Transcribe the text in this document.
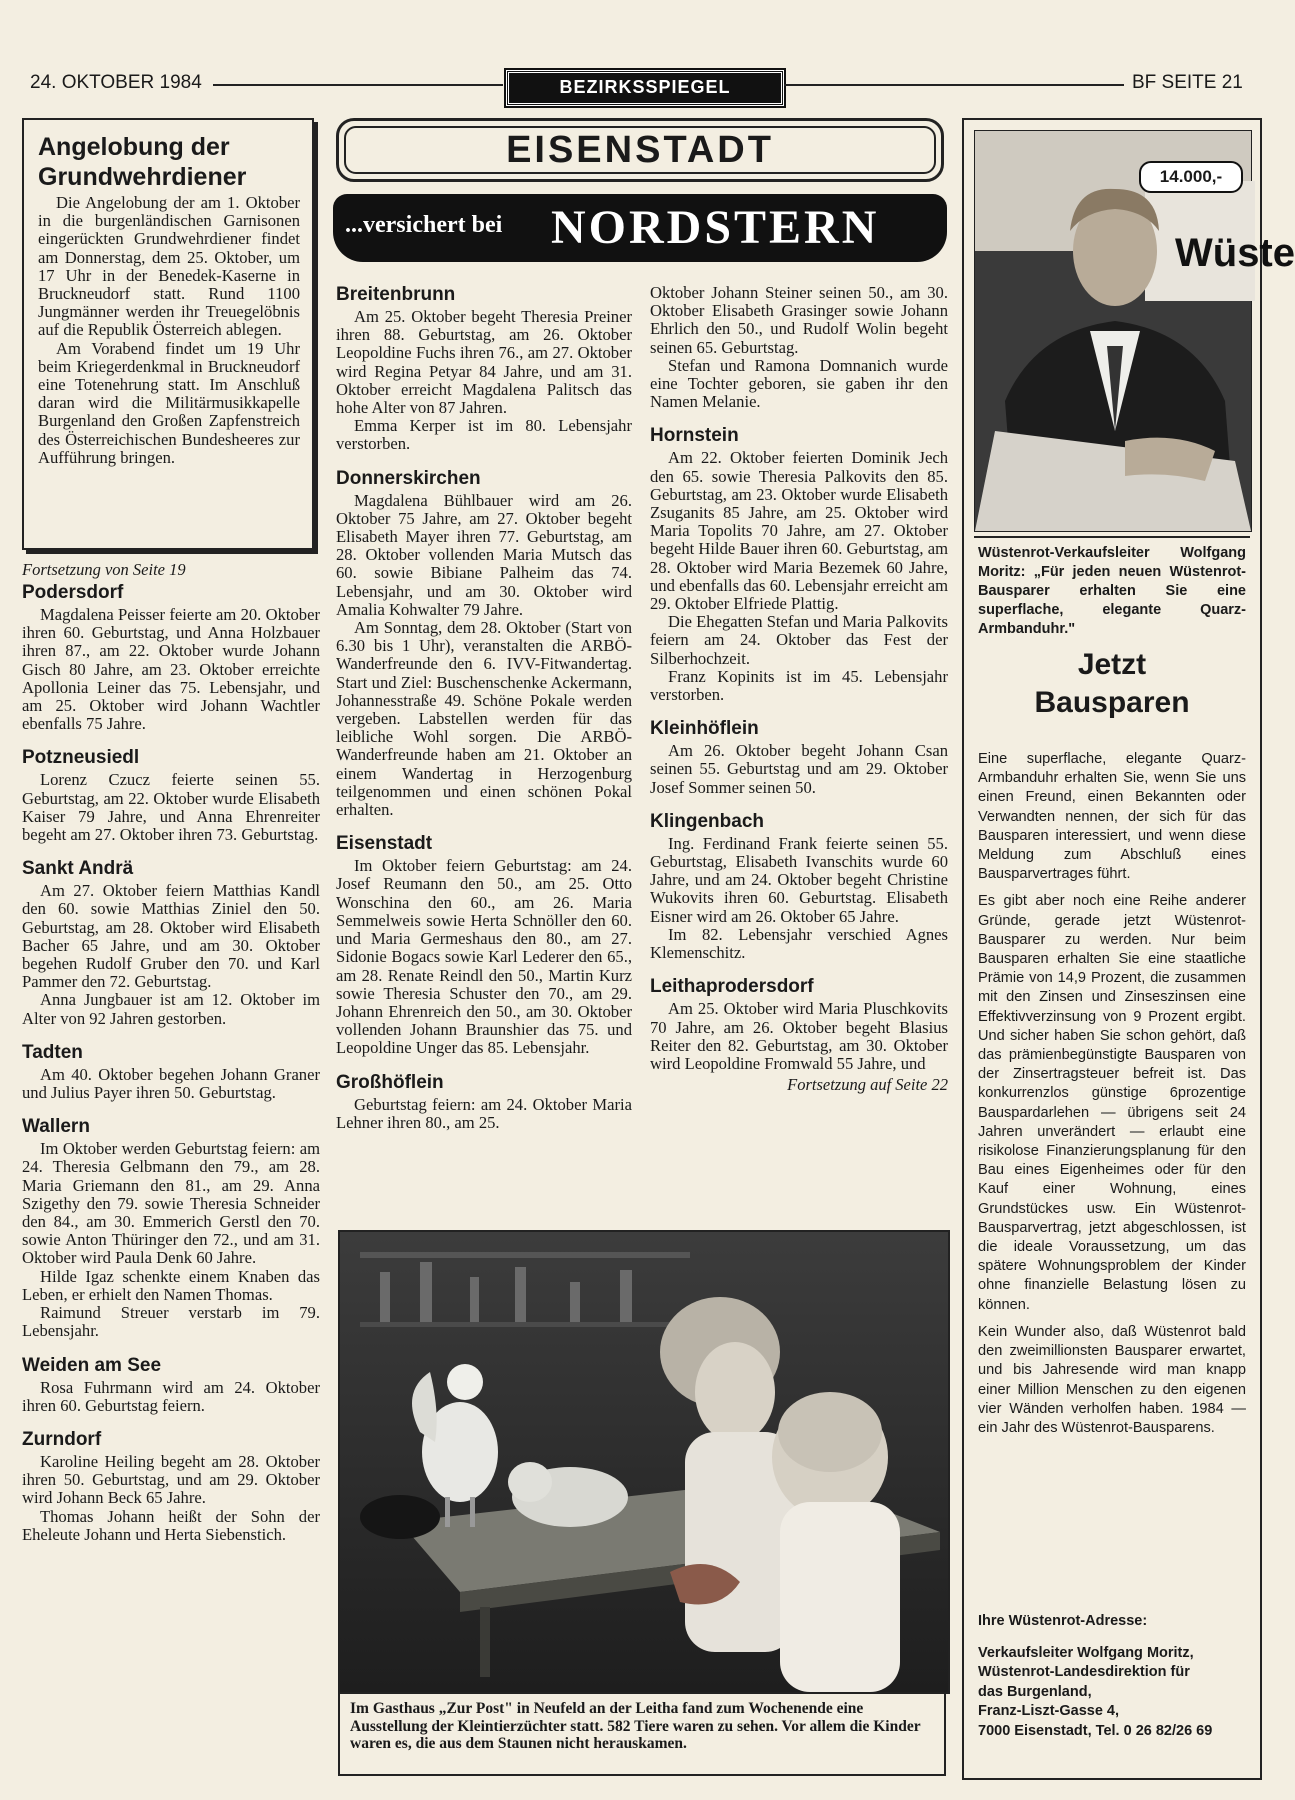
24. OKTOBER 1984	BEZIRKSSPIEGEL	BF SEITE 21
Angelobung der Grundwehrdiener

Die Angelobung der am 1. Oktober in die burgenländischen Garnisonen eingerückten Grundwehrdiener findet am Donnerstag, dem 25. Oktober, um 17 Uhr in der Benedek-Kaserne in Bruckneudorf statt. Rund 1100 Jungmänner werden ihr Treuegelöbnis auf die Republik Österreich ablegen.

Am Vorabend findet um 19 Uhr beim Kriegerdenkmal in Bruckneudorf eine Totenehrung statt. Im Anschluß daran wird die Militärmusikkapelle Burgenland den Großen Zapfenstreich des Österreichischen Bundesheeres zur Aufführung bringen.

Fortsetzung von Seite 19
Podersdorf

Magdalena Peisser feierte am 20. Oktober ihren 60. Geburtstag, und Anna Holzbauer ihren 87., am 22. Oktober wurde Johann Gisch 80 Jahre, am 23. Oktober erreichte Apollonia Leiner das 75. Lebensjahr, und am 25. Oktober wird Johann Wachtler ebenfalls 75 Jahre.

Potzneusiedl

Lorenz Czucz feierte seinen 55. Geburtstag, am 22. Oktober wurde Elisabeth Kaiser 79 Jahre, und Anna Ehrenreiter begeht am 27. Oktober ihren 73. Geburtstag.

Sankt Andrä

Am 27. Oktober feiern Matthias Kandl den 60. sowie Matthias Ziniel den 50. Geburtstag, am 28. Oktober wird Elisabeth Bacher 65 Jahre, und am 30. Oktober begehen Rudolf Gruber den 70. und Karl Pammer den 72. Geburtstag.

Anna Jungbauer ist am 12. Oktober im Alter von 92 Jahren gestorben.

Tadten

Am 40. Oktober begehen Johann Graner und Julius Payer ihren 50. Geburtstag.

Wallern

Im Oktober werden Geburtstag feiern: am 24. Theresia Gelbmann den 79., am 28. Maria Griemann den 81., am 29. Anna Szigethy den 79. sowie Theresia Schneider den 84., am 30. Emmerich Gerstl den 70. sowie Anton Thüringer den 72., und am 31. Oktober wird Paula Denk 60 Jahre.

Hilde Igaz schenkte einem Knaben das Leben, er erhielt den Namen Thomas.

Raimund Streuer verstarb im 79. Lebensjahr.

Weiden am See

Rosa Fuhrmann wird am 24. Oktober ihren 60. Geburtstag feiern.

Zurndorf

Karoline Heiling begeht am 28. Oktober ihren 50. Geburtstag, und am 29. Oktober wird Johann Beck 65 Jahre.

Thomas Johann heißt der Sohn der Eheleute Johann und Herta Siebenstich.

EISENSTADT
...versichert bei NORDSTERN
Breitenbrunn

Am 25. Oktober begeht Theresia Preiner ihren 88. Geburtstag, am 26. Oktober Leopoldine Fuchs ihren 76., am 27. Oktober wird Regina Petyar 84 Jahre, und am 31. Oktober erreicht Magdalena Palitsch das hohe Alter von 87 Jahren.

Emma Kerper ist im 80. Lebensjahr verstorben.

Donnerskirchen

Magdalena Bühlbauer wird am 26. Oktober 75 Jahre, am 27. Oktober begeht Elisabeth Mayer ihren 77. Geburtstag, am 28. Oktober vollenden Maria Mutsch das 60. sowie Bibiane Palheim das 74. Lebensjahr, und am 30. Oktober wird Amalia Kohwalter 79 Jahre.

Am Sonntag, dem 28. Oktober (Start von 6.30 bis 1 Uhr), veranstalten die ARBÖ-Wanderfreunde den 6. IVV-Fitwandertag. Start und Ziel: Buschenschenke Ackermann, Johannesstraße 49. Schöne Pokale werden vergeben. Labstellen werden für das leibliche Wohl sorgen. Die ARBÖ-Wanderfreunde haben am 21. Oktober an einem Wandertag in Herzogenburg teilgenommen und einen schönen Pokal erhalten.

Eisenstadt

Im Oktober feiern Geburtstag: am 24. Josef Reumann den 50., am 25. Otto Wonschina den 60., am 26. Maria Semmelweis sowie Herta Schnöller den 60. und Maria Germeshaus den 80., am 27. Sidonie Bogacs sowie Karl Lederer den 65., am 28. Renate Reindl den 50., Martin Kurz sowie Theresia Schuster den 70., am 29. Johann Ehrenreich den 50., am 30. Oktober vollenden Johann Braunshier das 75. und Leopoldine Unger das 85. Lebensjahr.

Großhöflein

Geburtstag feiern: am 24. Oktober Maria Lehner ihren 80., am 25.

Oktober Johann Steiner seinen 50., am 30. Oktober Elisabeth Grasinger sowie Johann Ehrlich den 50., und Rudolf Wolin begeht seinen 65. Geburtstag.

Stefan und Ramona Domnanich wurde eine Tochter geboren, sie gaben ihr den Namen Melanie.

Hornstein

Am 22. Oktober feierten Dominik Jech den 65. sowie Theresia Palkovits den 85. Geburtstag, am 23. Oktober wurde Elisabeth Zsuganits 85 Jahre, am 25. Oktober wird Maria Topolits 70 Jahre, am 27. Oktober begeht Hilde Bauer ihren 60. Geburtstag, am 28. Oktober wird Maria Bezemek 60 Jahre, und ebenfalls das 60. Lebensjahr erreicht am 29. Oktober Elfriede Plattig.

Die Ehegatten Stefan und Maria Palkovits feiern am 24. Oktober das Fest der Silberhochzeit.

Franz Kopinits ist im 45. Lebensjahr verstorben.

Kleinhöflein

Am 26. Oktober begeht Johann Csan seinen 55. Geburtstag und am 29. Oktober Josef Sommer seinen 50.

Klingenbach

Ing. Ferdinand Frank feierte seinen 55. Geburtstag, Elisabeth Ivanschits wurde 60 Jahre, und am 24. Oktober begeht Christine Wukovits ihren 60. Geburtstag. Elisabeth Eisner wird am 26. Oktober 65 Jahre.

Im 82. Lebensjahr verschied Agnes Klemenschitz.

Leithaprodersdorf

Am 25. Oktober wird Maria Pluschkovits 70 Jahre, am 26. Oktober begeht Blasius Reiter den 82. Geburtstag, am 30. Oktober wird Leopoldine Fromwald 55 Jahre, und

Fortsetzung auf Seite 22
Im Gasthaus „Zur Post" in Neufeld an der Leitha fand zum Wochenende eine Ausstellung der Kleintierzüchter statt. 582 Tiere waren zu sehen. Vor allem die Kinder waren es, die aus dem Staunen nicht herauskamen.
14.000,-
Wüste
Wüstenrot-Verkaufsleiter Wolfgang Moritz: „Für jeden neuen Wüstenrot-Bausparer erhalten Sie eine superflache, elegante Quarz-Armbanduhr."
Jetzt
Bausparen

Eine superflache, elegante Quarz-Armbanduhr erhalten Sie, wenn Sie uns einen Freund, einen Bekannten oder Verwandten nennen, der sich für das Bausparen interessiert, und wenn diese Meldung zum Abschluß eines Bausparvertrages führt.

Es gibt aber noch eine Reihe anderer Gründe, gerade jetzt Wüstenrot-Bausparer zu werden. Nur beim Bausparen erhalten Sie eine staatliche Prämie von 14,9 Prozent, die zusammen mit den Zinsen und Zinseszinsen eine Effektivverzinsung von 9 Prozent ergibt. Und sicher haben Sie schon gehört, daß das prämienbegünstigte Bausparen von der Zinsertragsteuer befreit ist. Das konkurrenzlos günstige 6prozentige Bauspardarlehen — übrigens seit 24 Jahren unverändert — erlaubt eine risikolose Finanzierungsplanung für den Bau eines Eigenheimes oder für den Kauf einer Wohnung, eines Grundstückes usw. Ein Wüstenrot-Bausparvertrag, jetzt abgeschlossen, ist die ideale Voraussetzung, um das spätere Wohnungsproblem der Kinder ohne finanzielle Belastung lösen zu können.

Kein Wunder also, daß Wüstenrot bald den zweimillionsten Bausparer erwartet, und bis Jahresende wird man knapp einer Million Menschen zu den eigenen vier Wänden verholfen haben. 1984 — ein Jahr des Wüstenrot-Bausparens.

Ihre Wüstenrot-Adresse:
Verkaufsleiter Wolfgang Moritz,
Wüstenrot-Landesdirektion für
das Burgenland,
Franz-Liszt-Gasse 4,
7000 Eisenstadt, Tel. 0 26 82/26 69
